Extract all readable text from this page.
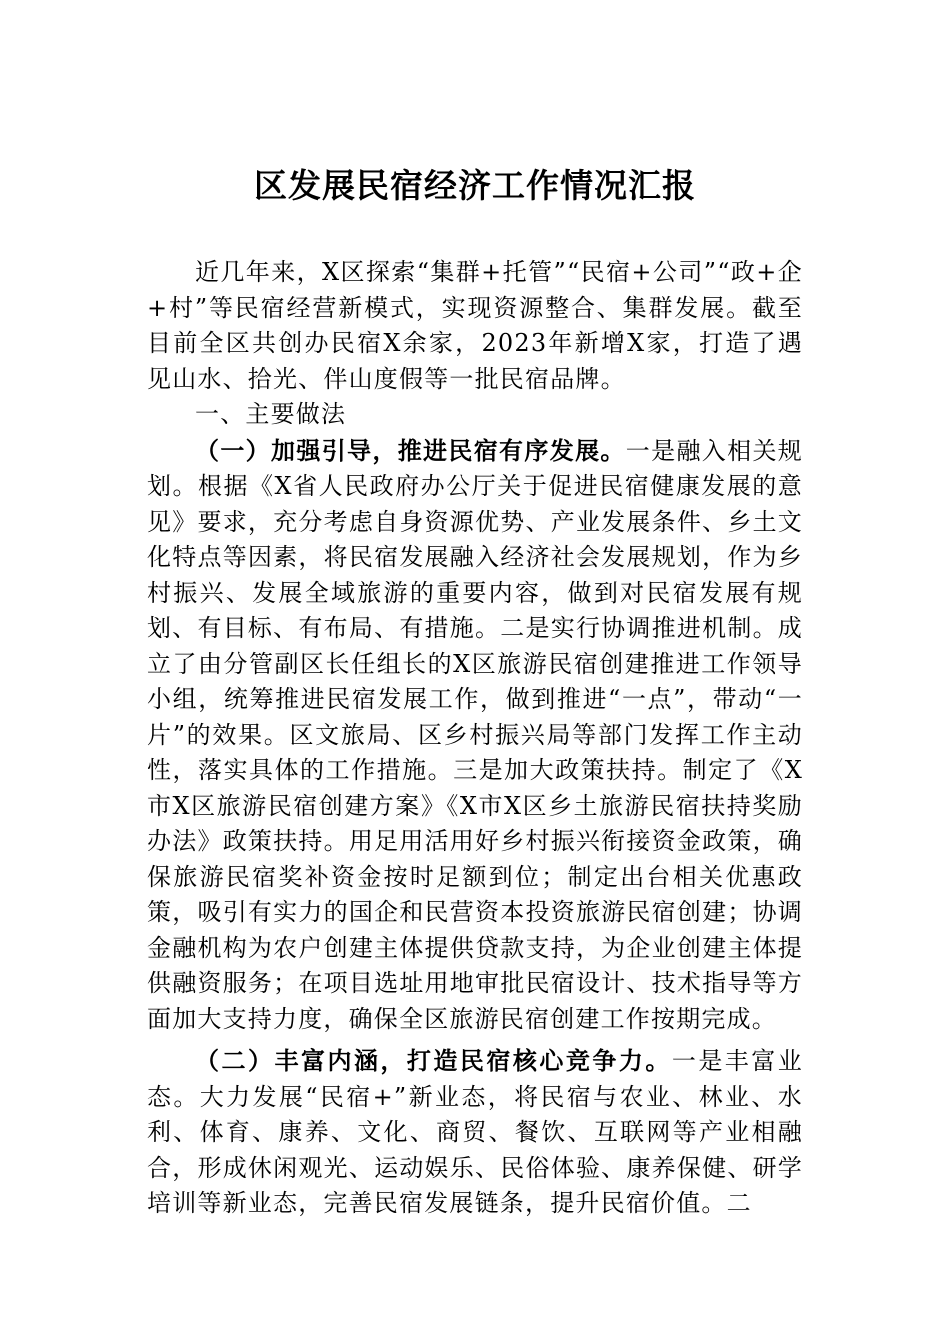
区发展民宿经济工作情况汇报

近几年来，X区探索“集群+托管”“民宿+公司”“政+企+村”等民宿经营新模式，实现资源整合、集群发展。截至目前全区共创办民宿X余家，2023年新增X家，打造了遇见山水、拾光、伴山度假等一批民宿品牌。

一、主要做法

（一）加强引导，推进民宿有序发展。一是融入相关规划。根据《X省人民政府办公厅关于促进民宿健康发展的意见》要求，充分考虑自身资源优势、产业发展条件、乡土文化特点等因素，将民宿发展融入经济社会发展规划，作为乡村振兴、发展全域旅游的重要内容，做到对民宿发展有规划、有目标、有布局、有措施。二是实行协调推进机制。成立了由分管副区长任组长的X区旅游民宿创建推进工作领导小组，统筹推进民宿发展工作，做到推进“一点”，带动“一片”的效果。区文旅局、区乡村振兴局等部门发挥工作主动性，落实具体的工作措施。三是加大政策扶持。制定了《X市X区旅游民宿创建方案》《X市X区乡土旅游民宿扶持奖励办法》政策扶持。用足用活用好乡村振兴衔接资金政策，确保旅游民宿奖补资金按时足额到位；制定出台相关优惠政策，吸引有实力的国企和民营资本投资旅游民宿创建；协调金融机构为农户创建主体提供贷款支持，为企业创建主体提供融资服务；在项目选址用地审批民宿设计、技术指导等方面加大支持力度，确保全区旅游民宿创建工作按期完成。

（二）丰富内涵，打造民宿核心竞争力。一是丰富业态。大力发展“民宿+”新业态，将民宿与农业、林业、水利、体育、康养、文化、商贸、餐饮、互联网等产业相融合，形成休闲观光、运动娱乐、民俗体验、康养保健、研学培训等新业态，完善民宿发展链条，提升民宿价值。二
